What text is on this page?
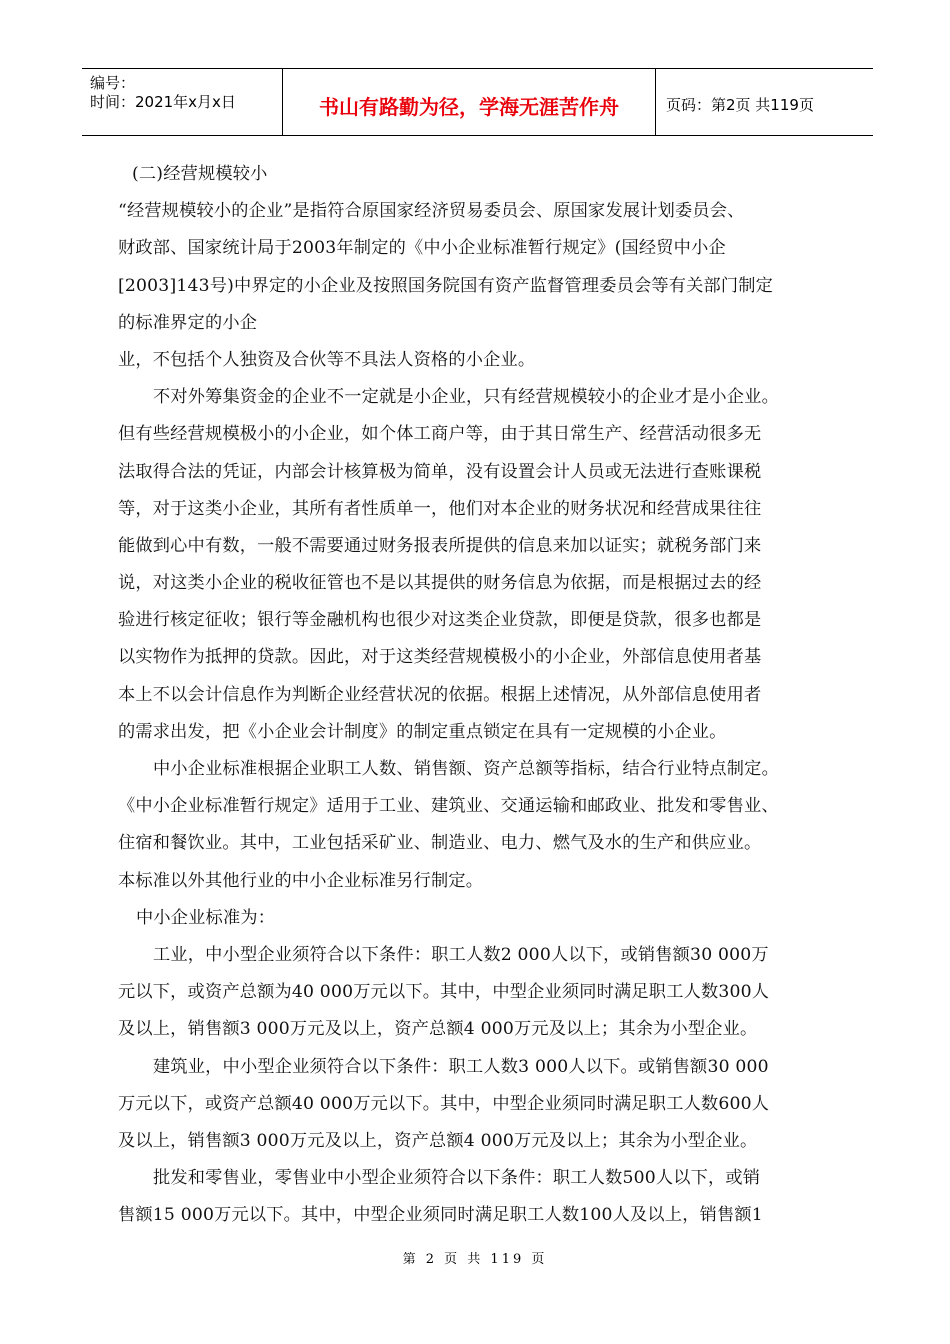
编号：
时间：2021年x月x日	书山有路勤为径，学海无涯苦作舟	页码：第2页 共119页
(二)经营规模较小
“经营规模较小的企业”是指符合原国家经济贸易委员会、原国家发展计划委员会、
财政部、国家统计局于2003年制定的《中小企业标准暂行规定》(国经贸中小企
[2003]143号)中界定的小企业及按照国务院国有资产监督管理委员会等有关部门制定
的标准界定的小企
业，不包括个人独资及合伙等不具法人资格的小企业。
不对外筹集资金的企业不一定就是小企业，只有经营规模较小的企业才是小企业。
但有些经营规模极小的小企业，如个体工商户等，由于其日常生产、经营活动很多无
法取得合法的凭证，内部会计核算极为简单，没有设置会计人员或无法进行查账课税
等，对于这类小企业，其所有者性质单一，他们对本企业的财务状况和经营成果往往
能做到心中有数，一般不需要通过财务报表所提供的信息来加以证实；就税务部门来
说，对这类小企业的税收征管也不是以其提供的财务信息为依据，而是根据过去的经
验进行核定征收；银行等金融机构也很少对这类企业贷款，即便是贷款，很多也都是
以实物作为抵押的贷款。因此，对于这类经营规模极小的小企业，外部信息使用者基
本上不以会计信息作为判断企业经营状况的依据。根据上述情况，从外部信息使用者
的需求出发，把《小企业会计制度》的制定重点锁定在具有一定规模的小企业。
中小企业标准根据企业职工人数、销售额、资产总额等指标，结合行业特点制定。
《中小企业标准暂行规定》适用于工业、建筑业、交通运输和邮政业、批发和零售业、
住宿和餐饮业。其中，工业包括采矿业、制造业、电力、燃气及水的生产和供应业。
本标准以外其他行业的中小企业标准另行制定。
中小企业标准为：
工业，中小型企业须符合以下条件：职工人数2 000人以下，或销售额30 000万
元以下，或资产总额为40 000万元以下。其中，中型企业须同时满足职工人数300人
及以上，销售额3 000万元及以上，资产总额4 000万元及以上；其余为小型企业。
建筑业，中小型企业须符合以下条件：职工人数3 000人以下。或销售额30 000
万元以下，或资产总额40 000万元以下。其中，中型企业须同时满足职工人数600人
及以上，销售额3 000万元及以上，资产总额4 000万元及以上；其余为小型企业。
批发和零售业，零售业中小型企业须符合以下条件：职工人数500人以下，或销
售额15 000万元以下。其中，中型企业须同时满足职工人数100人及以上，销售额1
第 2 页 共 119 页
